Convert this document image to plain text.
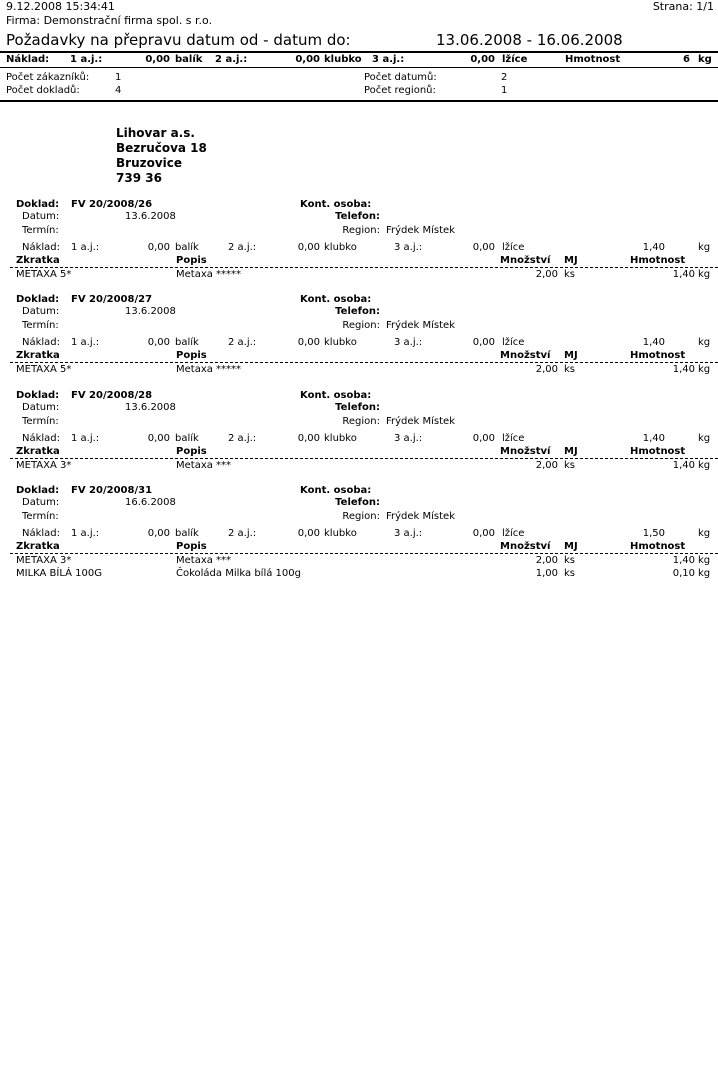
9.12.2008 15:34:41	Strana: 1/1
Firma: Demonstrační firma spol. s r.o.
Požadavky na přepravu datum od - datum do:	13.06.2008 - 16.06.2008
Náklad: 1 a.j.:	0,00 balík 2 a.j.:	0,00 klubko 3 a.j.:	0,00 lžíce	Hmotnost	6 kg
Počet zákazníků:	1
Počet dokladů:	4
Počet datumů:	2
Počet regionů:	1
Lihovar a.s.
Bezručova 18
Bruzovice
739 36
Doklad: FV 20/2008/26	Kont. osoba:
Datum:	13.6.2008	Telefon:
Termín:	Region: Frýdek Místek
Náklad: 1 a.j.:	0,00 balík	2 a.j.:	0,00 klubko	3 a.j.:	0,00 lžíce	1,40	kg
Zkratka	Popis	Množství MJ	Hmotnost
METAXA 5*	Metaxa *****	2,00 ks	1,40 kg
Doklad: FV 20/2008/27	Kont. osoba:
Datum:	13.6.2008	Telefon:
Termín:	Region: Frýdek Místek
Náklad: 1 a.j.:	0,00 balík	2 a.j.:	0,00 klubko	3 a.j.:	0,00 lžíce	1,40	kg
Zkratka	Popis	Množství MJ	Hmotnost
METAXA 5*	Metaxa *****	2,00 ks	1,40 kg
Doklad: FV 20/2008/28	Kont. osoba:
Datum:	13.6.2008	Telefon:
Termín:	Region: Frýdek Místek
Náklad: 1 a.j.:	0,00 balík	2 a.j.:	0,00 klubko	3 a.j.:	0,00 lžíce	1,40	kg
Zkratka	Popis	Množství MJ	Hmotnost
METAXA 3*	Metaxa ***	2,00 ks	1,40 kg
Doklad: FV 20/2008/31	Kont. osoba:
Datum:	16.6.2008	Telefon:
Termín:	Region: Frýdek Místek
Náklad: 1 a.j.:	0,00 balík	2 a.j.:	0,00 klubko	3 a.j.:	0,00 lžíce	1,50	kg
Zkratka	Popis	Množství MJ	Hmotnost
METAXA 3*	Metaxa ***	2,00 ks	1,40 kg
MILKA BÍLÁ 100G	Čokoláda Milka bílá 100g	1,00 ks	0,10 kg
